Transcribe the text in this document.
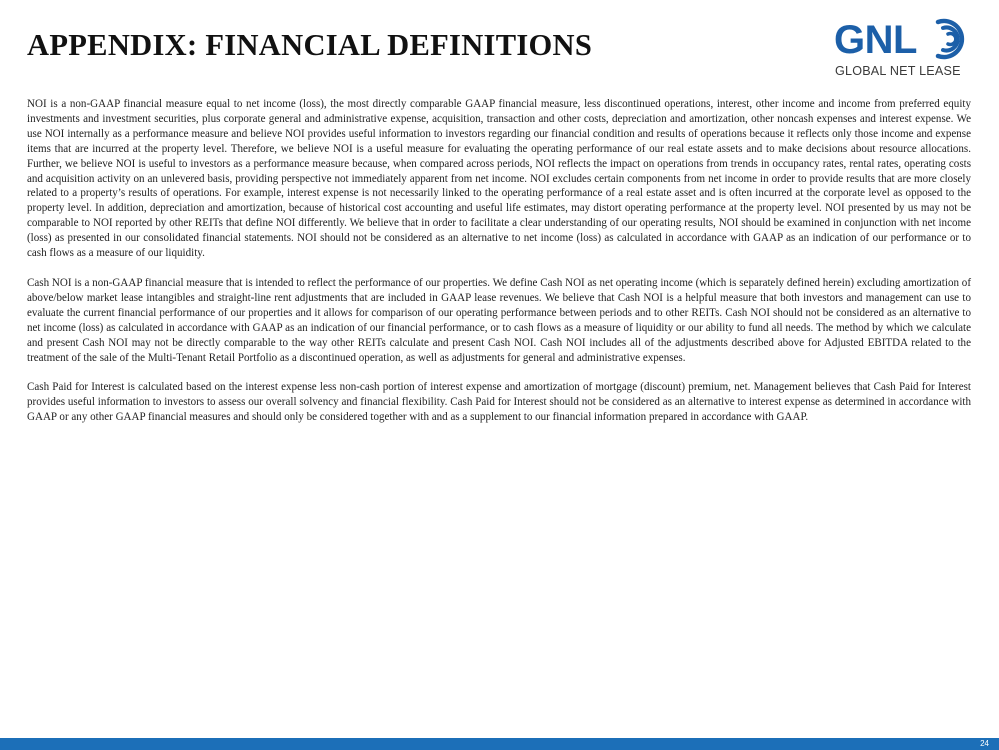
APPENDIX: FINANCIAL DEFINITIONS	GNL
GLOBAL NET LEASE

NOI is a non-GAAP financial measure equal to net income (loss), the most directly comparable GAAP financial measure, less discontinued operations, interest, other income and income from preferred equity investments and investment securities, plus corporate general and administrative expense, acquisition, transaction and other costs, depreciation and amortization, other noncash expenses and interest expense. We use NOI internally as a performance measure and believe NOI provides useful information to investors regarding our financial condition and results of operations because it reflects only those income and expense items that are incurred at the property level. Therefore, we believe NOI is a useful measure for evaluating the operating performance of our real estate assets and to make decisions about resource allocations. Further, we believe NOI is useful to investors as a performance measure because, when compared across periods, NOI reflects the impact on operations from trends in occupancy rates, rental rates, operating costs and acquisition activity on an unlevered basis, providing perspective not immediately apparent from net income. NOI excludes certain components from net income in order to provide results that are more closely related to a property’s results of operations. For example, interest expense is not necessarily linked to the operating performance of a real estate asset and is often incurred at the corporate level as opposed to the property level. In addition, depreciation and amortization, because of historical cost accounting and useful life estimates, may distort operating performance at the property level. NOI presented by us may not be comparable to NOI reported by other REITs that define NOI differently. We believe that in order to facilitate a clear understanding of our operating results, NOI should be examined in conjunction with net income (loss) as presented in our consolidated financial statements. NOI should not be considered as an alternative to net income (loss) as calculated in accordance with GAAP as an indication of our performance or to cash flows as a measure of our liquidity.

Cash NOI is a non-GAAP financial measure that is intended to reflect the performance of our properties. We define Cash NOI as net operating income (which is separately defined herein) excluding amortization of above/below market lease intangibles and straight-line rent adjustments that are included in GAAP lease revenues. We believe that Cash NOI is a helpful measure that both investors and management can use to evaluate the current financial performance of our properties and it allows for comparison of our operating performance between periods and to other REITs. Cash NOI should not be considered as an alternative to net income (loss) as calculated in accordance with GAAP as an indication of our financial performance, or to cash flows as a measure of liquidity or our ability to fund all needs. The method by which we calculate and present Cash NOI may not be directly comparable to the way other REITs calculate and present Cash NOI. Cash NOI includes all of the adjustments described above for Adjusted EBITDA related to the treatment of the sale of the Multi-Tenant Retail Portfolio as a discontinued operation, as well as adjustments for general and administrative expenses.

Cash Paid for Interest is calculated based on the interest expense less non-cash portion of interest expense and amortization of mortgage (discount) premium, net. Management believes that Cash Paid for Interest provides useful information to investors to assess our overall solvency and financial flexibility. Cash Paid for Interest should not be considered as an alternative to interest expense as determined in accordance with GAAP or any other GAAP financial measures and should only be considered together with and as a supplement to our financial information prepared in accordance with GAAP.

24
